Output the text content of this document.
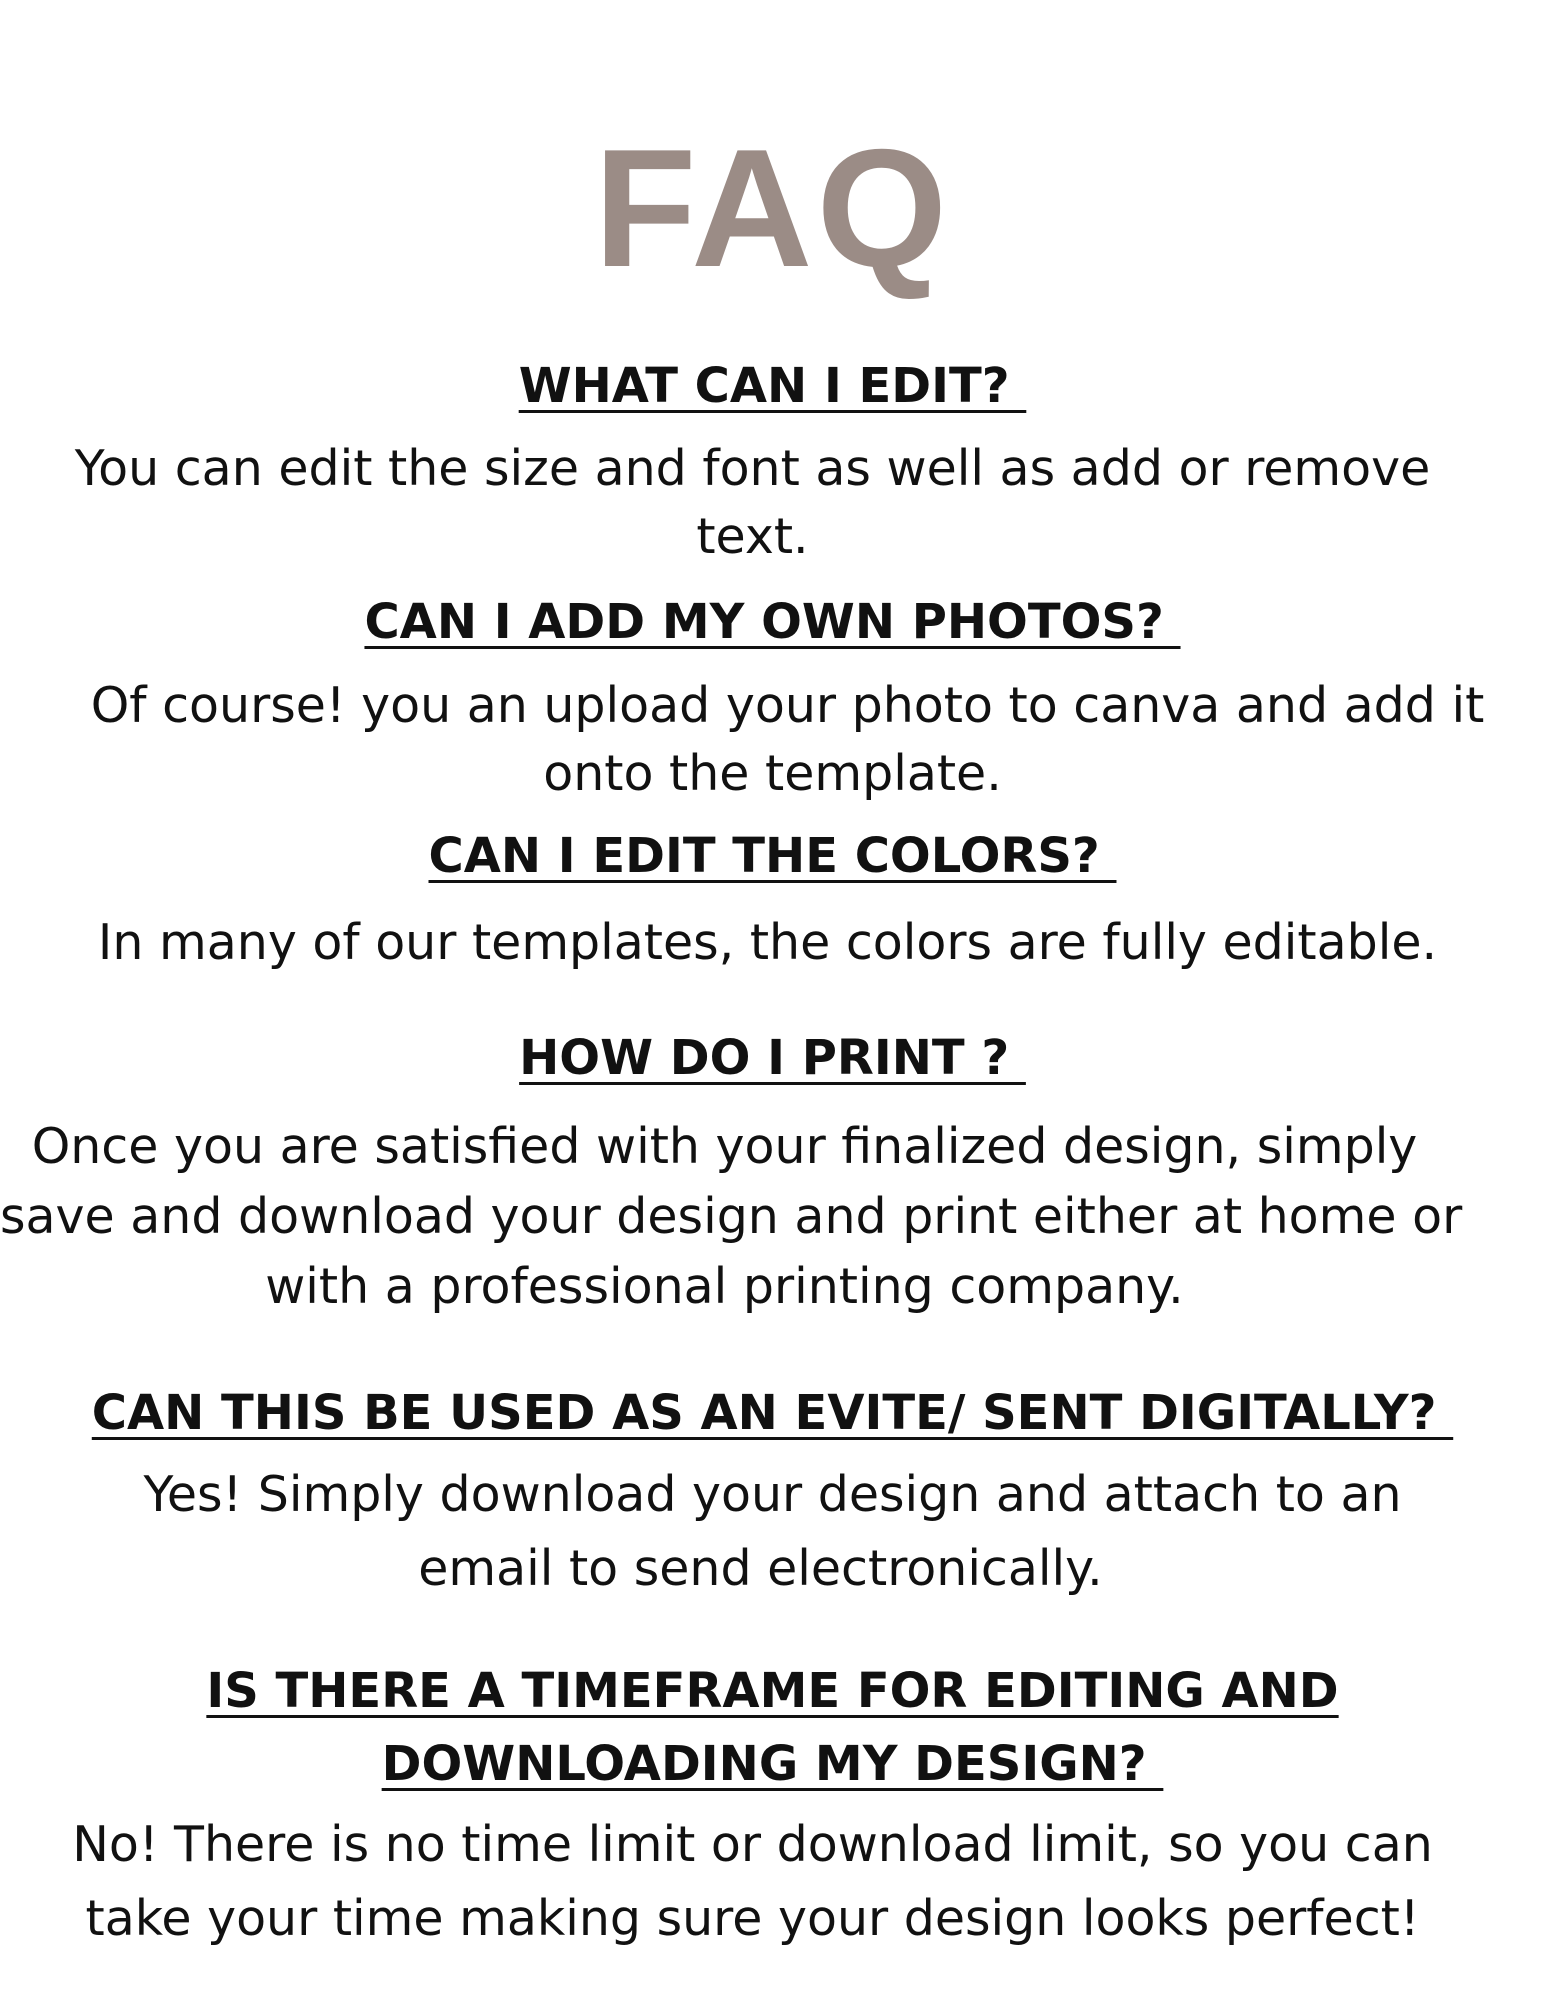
FAQ
WHAT CAN I EDIT?
You can edit the size and font as well as add or remove
text.
CAN I ADD MY OWN PHOTOS?
Of course! you an upload your photo to canva and add it
onto the template.
CAN I EDIT THE COLORS?
In many of our templates, the colors are fully editable.
HOW DO I PRINT ?
Once you are satisfied with your finalized design, simply
save and download your design and print either at home or
with a professional printing company.
CAN THIS BE USED AS AN EVITE/ SENT DIGITALLY?
Yes! Simply download your design and attach to an
email to send electronically.
IS THERE A TIMEFRAME FOR EDITING AND
DOWNLOADING MY DESIGN?
No! There is no time limit or download limit, so you can
take your time making sure your design looks perfect!
